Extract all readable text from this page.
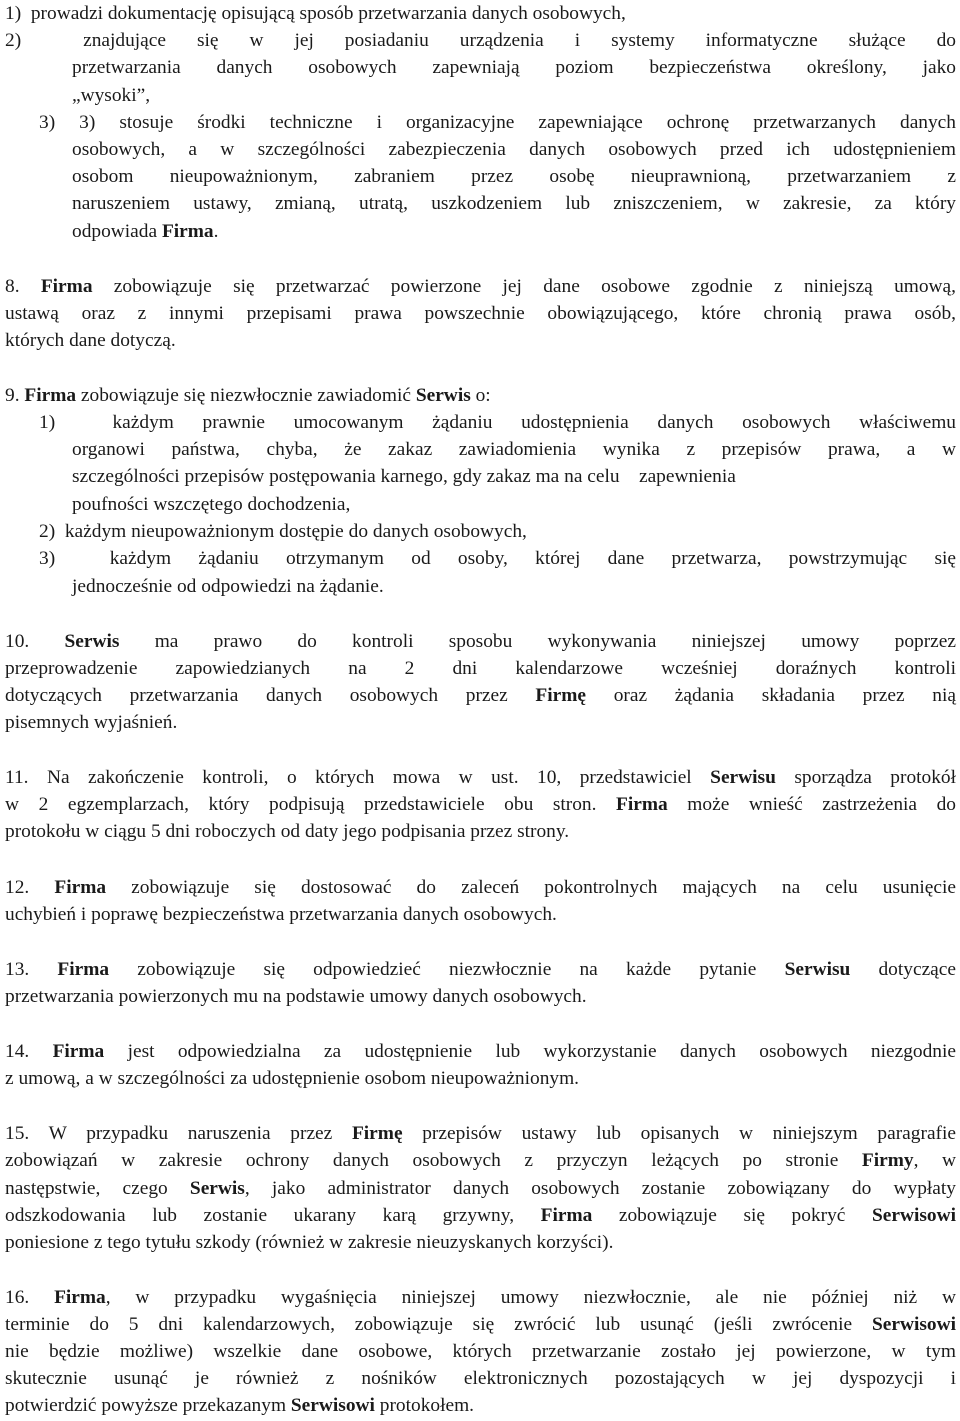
1)  prowadzi dokumentację opisującą sposób przetwarzania danych osobowych,
2)  znajdujące się w jej posiadaniu urządzenia i systemy informatyczne służące do
przetwarzania danych osobowych zapewniają poziom bezpieczeństwa określony, jako
„wysoki”,
3) 3) stosuje środki techniczne i organizacyjne zapewniające ochronę przetwarzanych danych
osobowych, a w szczególności zabezpieczenia danych osobowych przed ich udostępnieniem
osobom nieupoważnionym, zabraniem przez osobę nieuprawnioną, przetwarzaniem z
naruszeniem ustawy, zmianą, utratą, uszkodzeniem lub zniszczeniem, w zakresie, za który
odpowiada Firma.
8. Firma zobowiązuje się przetwarzać powierzone jej dane osobowe zgodnie z niniejszą umową,
ustawą oraz z innymi przepisami prawa powszechnie obowiązującego, które chronią prawa osób,
których dane dotyczą.
9. Firma zobowiązuje się niezwłocznie zawiadomić Serwis o:
1)  każdym prawnie umocowanym żądaniu udostępnienia danych osobowych właściwemu
organowi państwa, chyba, że zakaz zawiadomienia wynika z przepisów prawa, a w
szczególności przepisów postępowania karnego, gdy zakaz ma na celu    zapewnienia
poufności wszczętego dochodzenia,
2)  każdym nieupoważnionym dostępie do danych osobowych,
3)  każdym żądaniu otrzymanym od osoby, której dane przetwarza, powstrzymując się
jednocześnie od odpowiedzi na żądanie.
10. Serwis ma prawo do kontroli sposobu wykonywania niniejszej umowy poprzez
przeprowadzenie zapowiedzianych na 2 dni kalendarzowe wcześniej doraźnych kontroli
dotyczących przetwarzania danych osobowych przez Firmę oraz żądania składania przez nią
pisemnych wyjaśnień.
11. Na zakończenie kontroli, o których mowa w ust. 10, przedstawiciel Serwisu sporządza protokół
w 2 egzemplarzach, który podpisują przedstawiciele obu stron. Firma może wnieść zastrzeżenia do
protokołu w ciągu 5 dni roboczych od daty jego podpisania przez strony.
12. Firma zobowiązuje się dostosować do zaleceń pokontrolnych mających na celu usunięcie
uchybień i poprawę bezpieczeństwa przetwarzania danych osobowych.
13. Firma zobowiązuje się odpowiedzieć niezwłocznie na każde pytanie Serwisu dotyczące
przetwarzania powierzonych mu na podstawie umowy danych osobowych.
14. Firma jest odpowiedzialna za udostępnienie lub wykorzystanie danych osobowych niezgodnie
z umową, a w szczególności za udostępnienie osobom nieupoważnionym.
15. W przypadku naruszenia przez Firmę przepisów ustawy lub opisanych w niniejszym paragrafie
zobowiązań w zakresie ochrony danych osobowych z przyczyn leżących po stronie Firmy, w
następstwie, czego Serwis, jako administrator danych osobowych zostanie zobowiązany do wypłaty
odszkodowania lub zostanie ukarany karą grzywny, Firma zobowiązuje się pokryć Serwisowi
poniesione z tego tytułu szkody (również w zakresie nieuzyskanych korzyści).
16. Firma, w przypadku wygaśnięcia niniejszej umowy niezwłocznie, ale nie później niż w
terminie do 5 dni kalendarzowych, zobowiązuje się zwrócić lub usunąć (jeśli zwrócenie Serwisowi
nie będzie możliwe) wszelkie dane osobowe, których przetwarzanie zostało jej powierzone, w tym
skutecznie usunąć je również z nośników elektronicznych pozostających w jej dyspozycji i
potwierdzić powyższe przekazanym Serwisowi protokołem.
